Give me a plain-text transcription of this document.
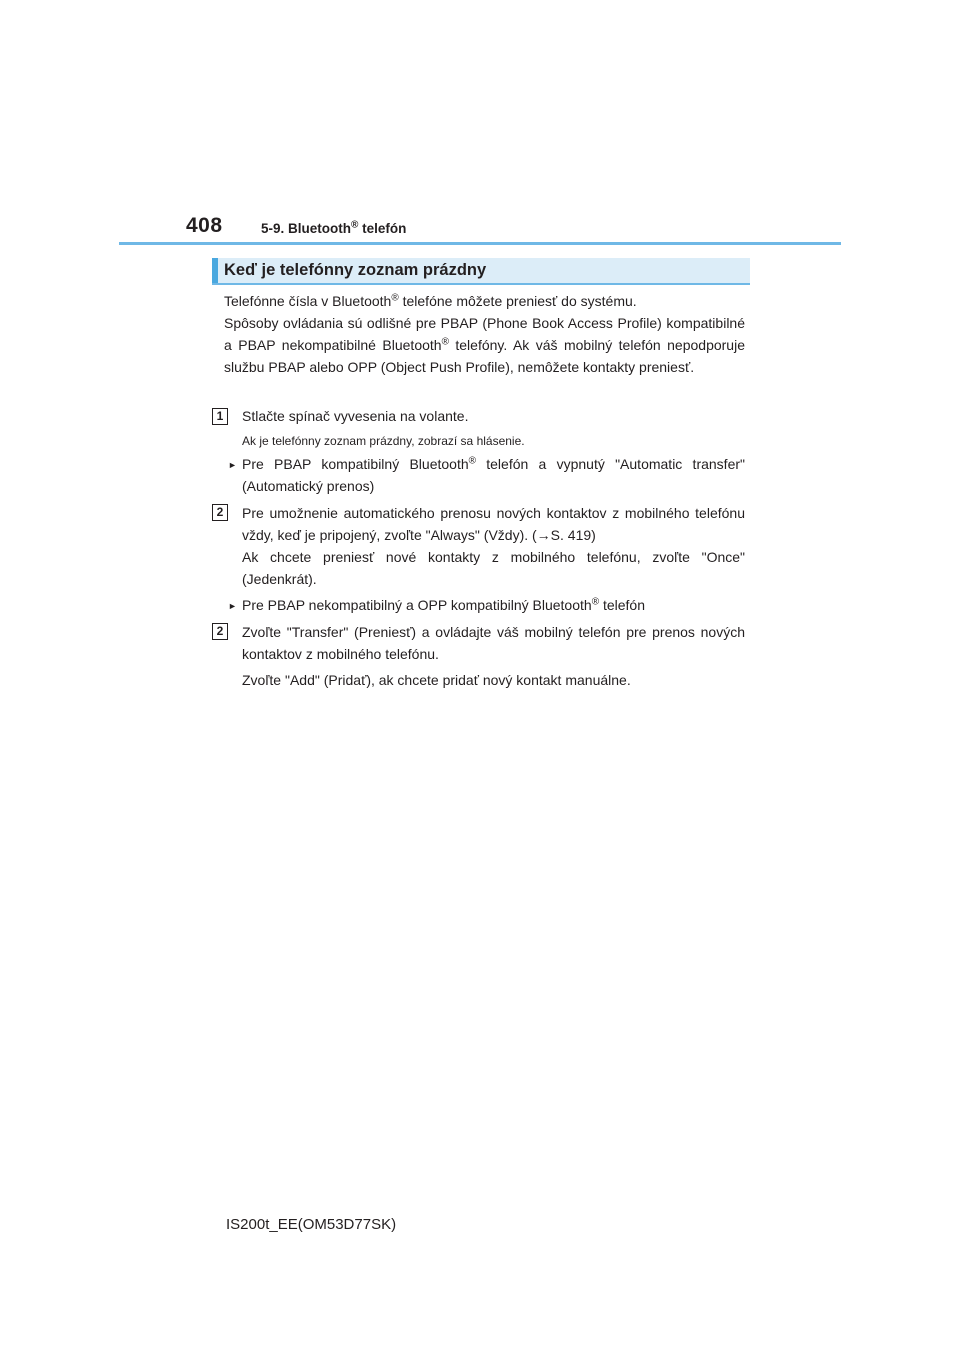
408	5-9. Bluetooth® telefón
Keď je telefónny zoznam prázdny

Telefónne čísla v Bluetooth® telefóne môžete preniesť do systému.

Spôsoby ovládania sú odlišné pre PBAP (Phone Book Access Profile) kompatibilné a PBAP nekompatibilné Bluetooth® telefóny. Ak váš mobilný telefón nepodporuje službu PBAP alebo OPP (Object Push Profile), nemôžete kontakty preniesť.

1	Stlačte spínač vyvesenia na volante.
Ak je telefónny zoznam prázdny, zobrazí sa hlásenie.
► Pre PBAP kompatibilný Bluetooth® telefón a vypnutý "Automatic transfer" (Automatický prenos)
2	Pre umožnenie automatického prenosu nových kontaktov z mobilného telefónu vždy, keď je pripojený, zvoľte "Always" (Vždy). (→S. 419)

Ak chcete preniesť nové kontakty z mobilného telefónu, zvoľte "Once" (Jedenkrát).

► Pre PBAP nekompatibilný a OPP kompatibilný Bluetooth® telefón
2	Zvoľte "Transfer" (Preniesť) a ovládajte váš mobilný telefón pre prenos nových kontaktov z mobilného telefónu.

Zvoľte "Add" (Pridať), ak chcete pridať nový kontakt manuálne.

IS200t_EE(OM53D77SK)
